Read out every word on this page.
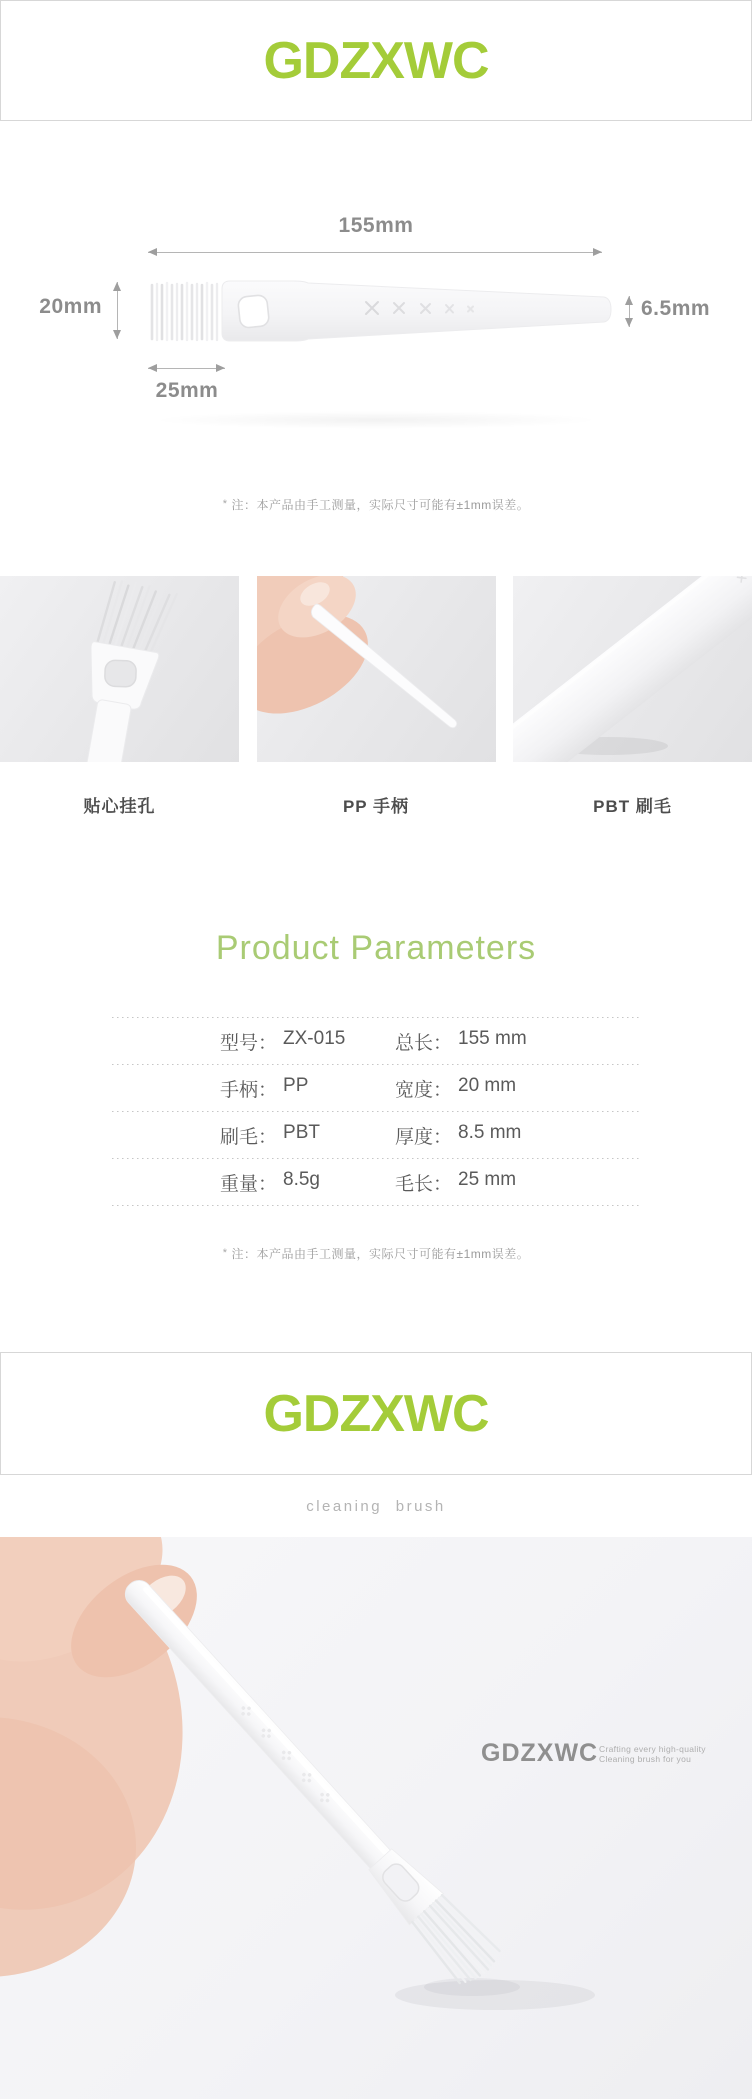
GDZXWC
155mm
20mm	6.5mm
25mm
* 注：本产品由手工测量，实际尺寸可能有±1mm误差。
贴心挂孔	PP 手柄	PBT 刷毛
Product Parameters
型号： ZX-015	总长： 155 mm
手柄： PP	宽度： 20 mm
刷毛： PBT	厚度： 8.5 mm
重量： 8.5g	毛长： 25 mm
* 注：本产品由手工测量，实际尺寸可能有±1mm误差。
GDZXWC
cleaning brush
GDZXWC Crafting every high-quality
Cleaning brush for you
